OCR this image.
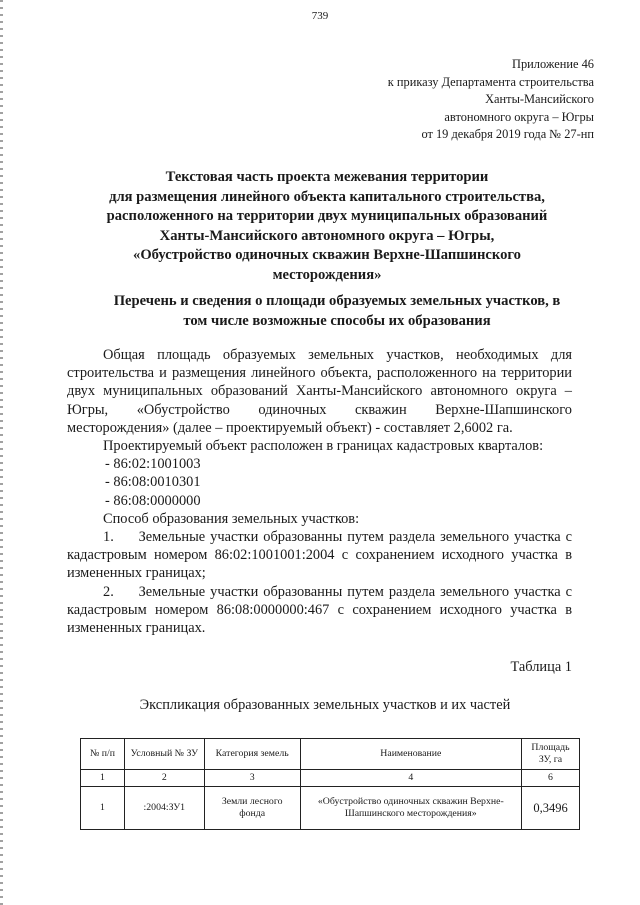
739
Приложение 46
к приказу Департамента строительства
Ханты-Мансийского
автономного округа – Югры
от 19 декабря 2019 года № 27-нп
Текстовая часть проекта межевания территории
для размещения линейного объекта капитального строительства,
расположенного на территории двух муниципальных образований
Ханты-Мансийского автономного округа – Югры,
«Обустройство одиночных скважин Верхне-Шапшинского
месторождения»
Перечень и сведения о площади образуемых земельных участков, в
том числе возможные способы их образования

Общая площадь образуемых земельных участков, необходимых для строительства и размещения линейного объекта, расположенного на территории двух муниципальных образований Ханты-Мансийского автономного округа – Югры, «Обустройство одиночных скважин Верхне-Шапшинского месторождения» (далее – проектируемый объект) - составляет 2,6002 га.

Проектируемый объект расположен в границах кадастровых кварталов:

- 86:02:1001003

- 86:08:0010301

- 86:08:0000000

Способ образования земельных участков:

1.     Земельные участки образованны путем раздела земельного участка с кадастровым номером 86:02:1001001:2004 с сохранением исходного участка в измененных границах;

2.     Земельные участки образованны путем раздела земельного участка с кадастровым номером 86:08:0000000:467 с сохранением исходного участка в измененных границах.

Таблица 1
Экспликация образованных земельных участков и их частей
№ п/п	Условный № ЗУ	Категория земель	Наименование	Площадь ЗУ, га
1	2	3	4	6
1	:2004:ЗУ1	Земли лесного фонда	«Обустройство одиночных скважин Верхне-Шапшинского месторождения»	0,3496
